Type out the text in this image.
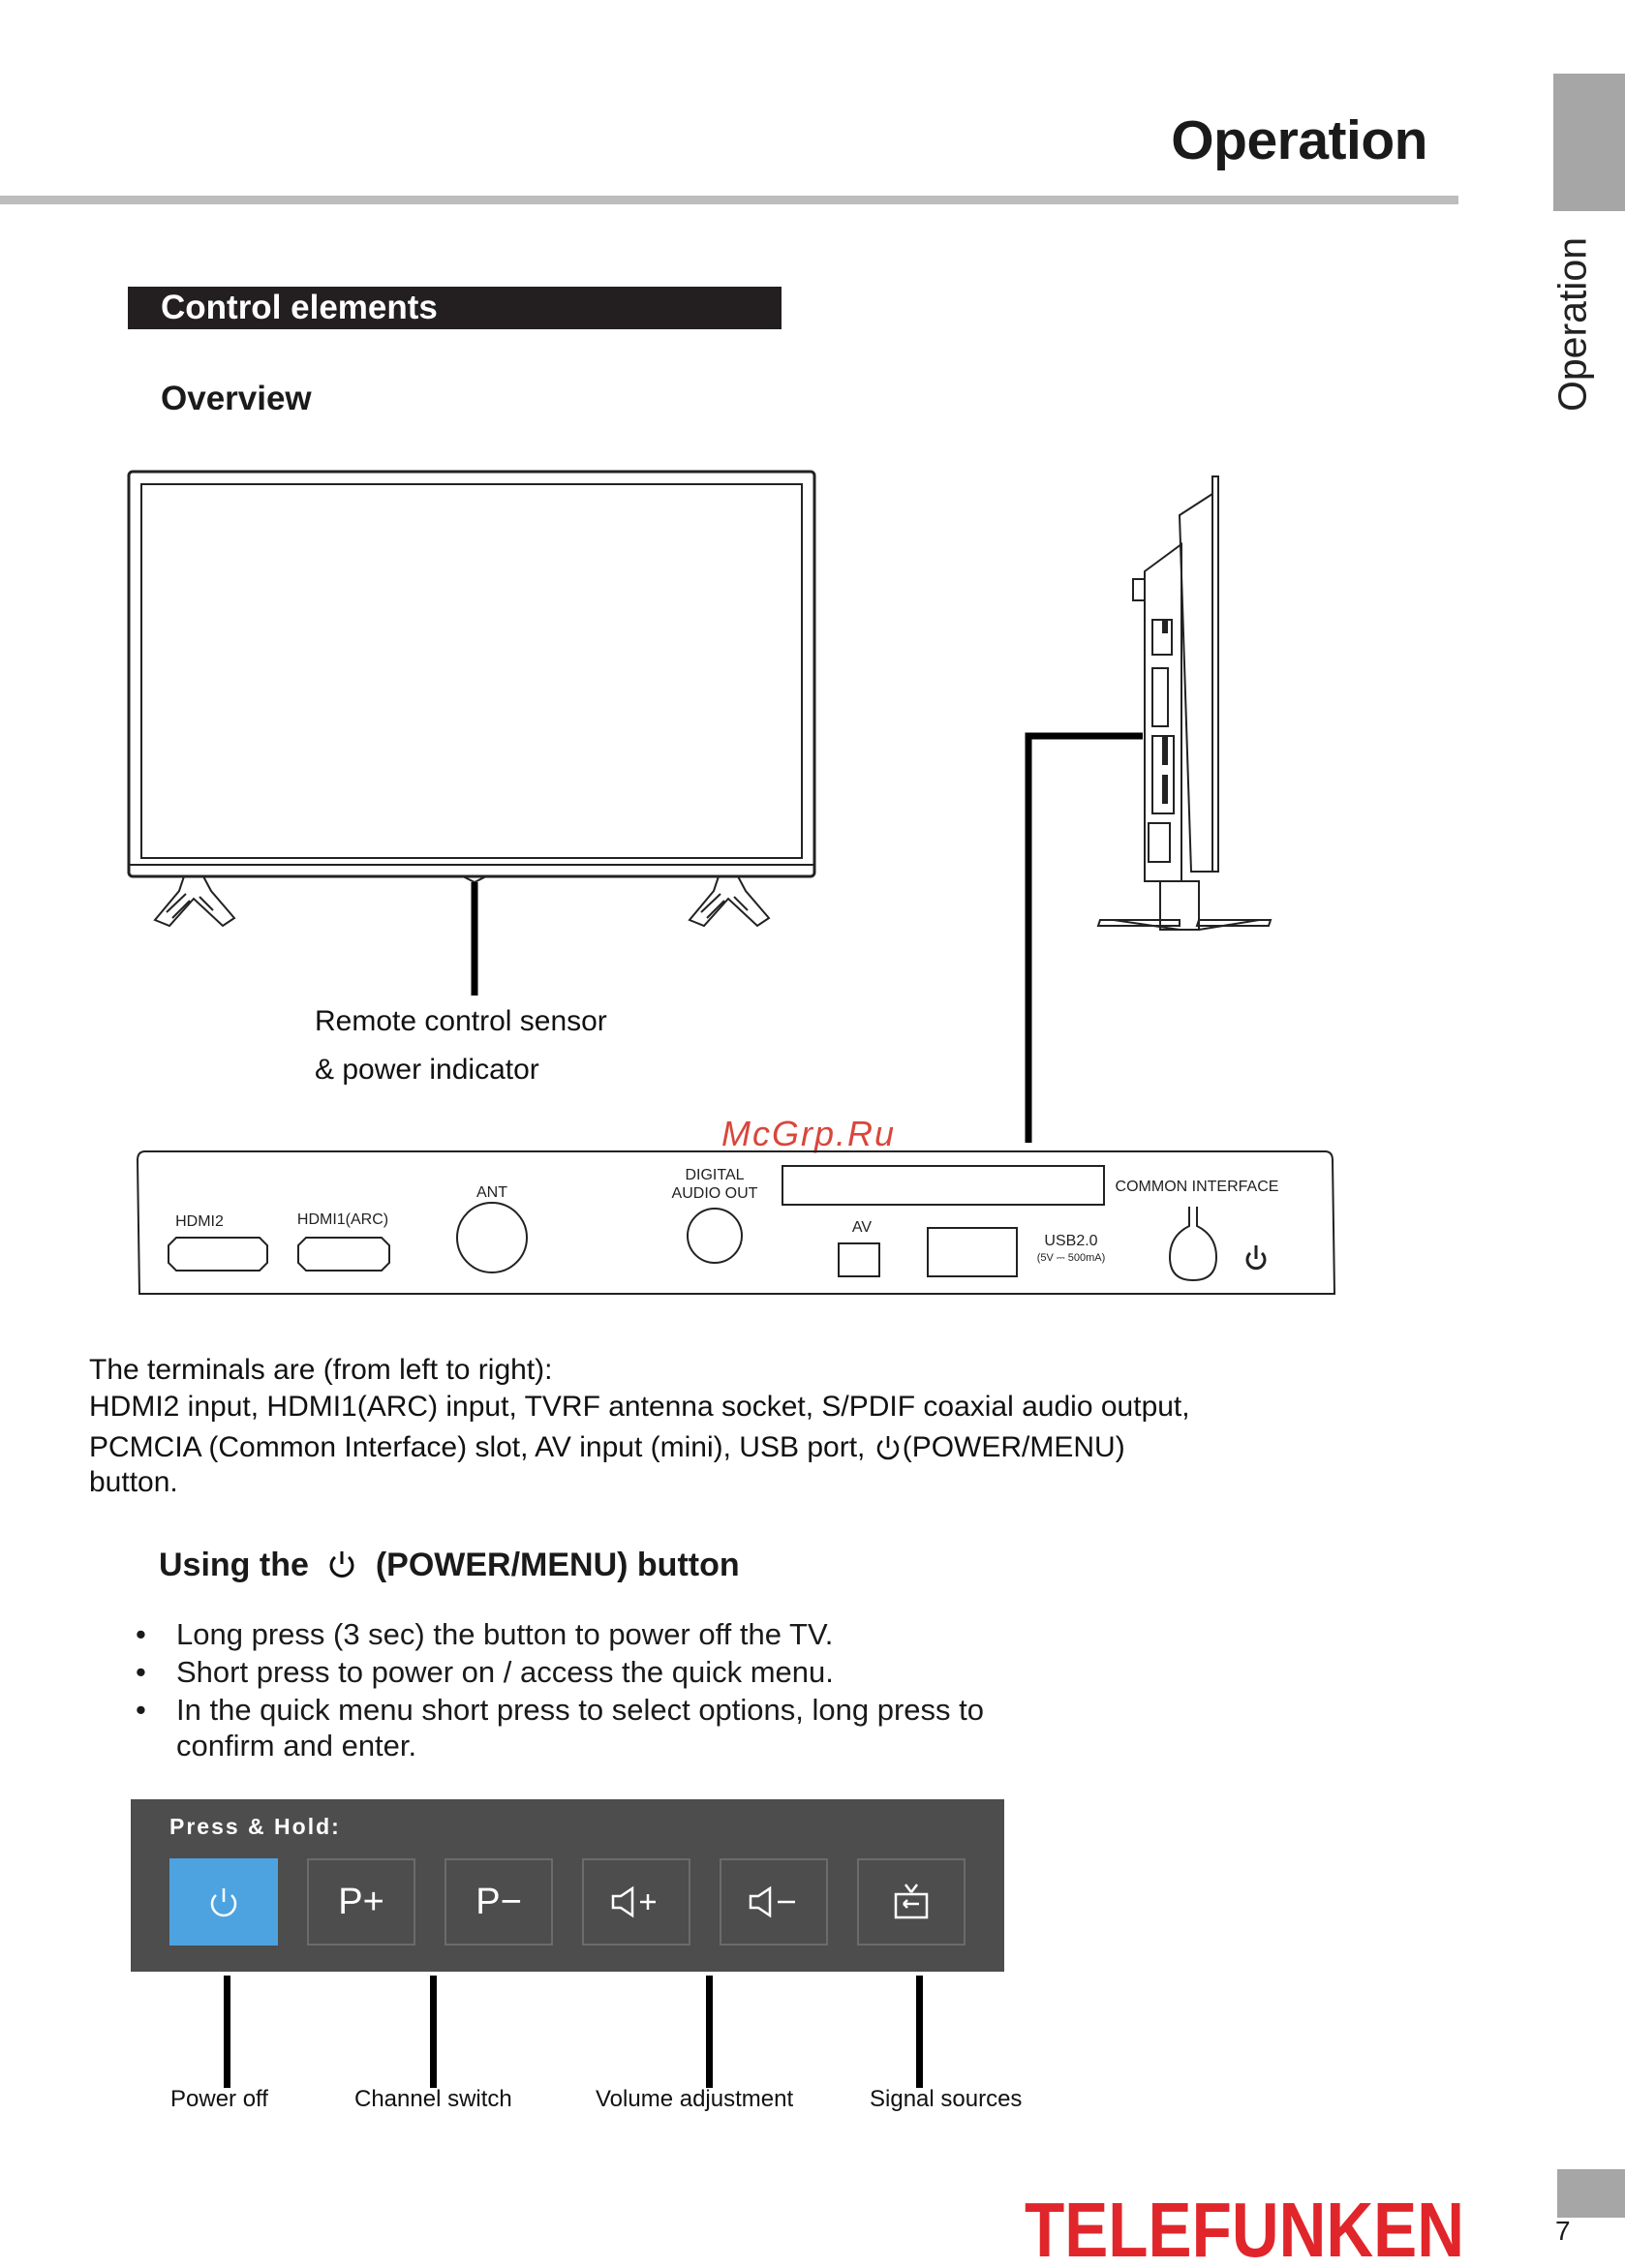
Operation
Operation
Control elements
Overview
Remote control sensor
& power indicator
McGrp.Ru
HDMI2	HDMI1(ARC)
ANT
DIGITAL
AUDIO OUT
AV
USB2.0
(5V ⎓ 500mA)
COMMON INTERFACE
The terminals are (from left to right):
HDMI2 input, HDMI1(ARC) input, TVRF antenna socket, S/PDIF coaxial audio output,
PCMCIA (Common Interface) slot, AV input (mini), USB port, (POWER/MENU)
button.
Using the (POWER/MENU) button
• Long press (3 sec) the button to power off the TV.
• Short press to power on / access the quick menu.
• In the quick menu short press to select options, long press to
confirm and enter.
Press & Hold:
P+ P−
Power off	Channel switch	Volume adjustment	Signal sources
TELEFUNKEN	7
